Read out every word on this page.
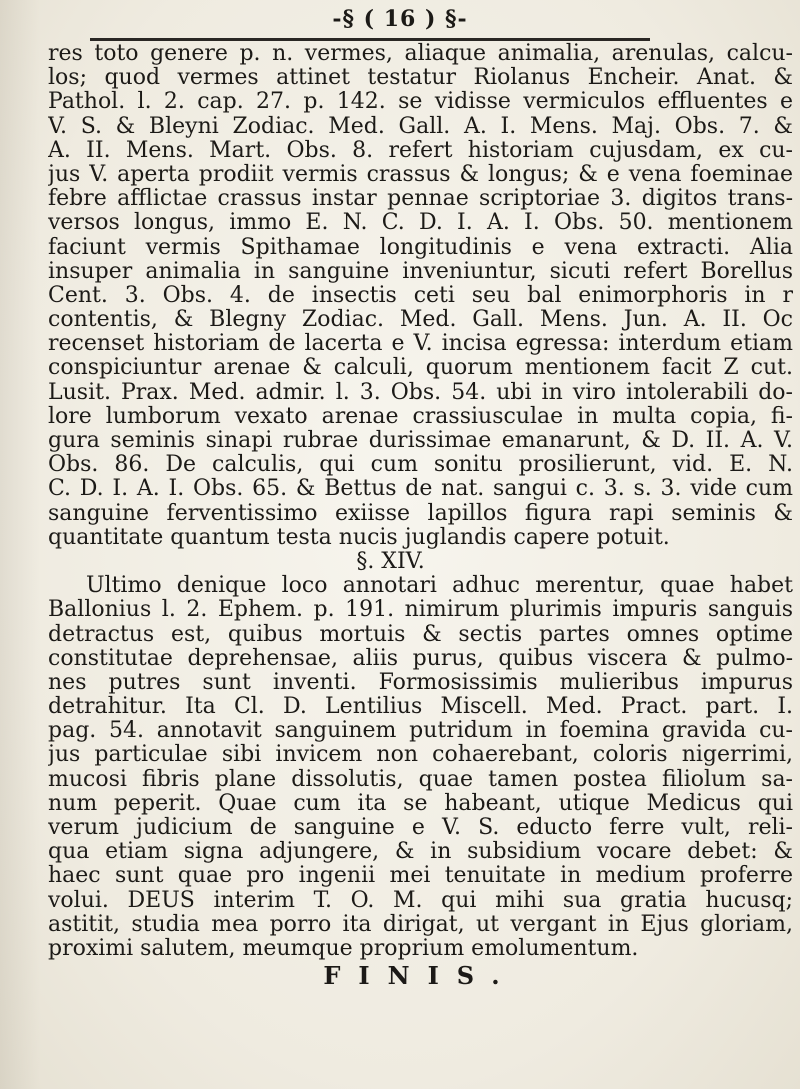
-§ ( 16 ) §-
res toto genere p. n. vermes, aliaque animalia, arenulas, calcu-
los; quod vermes attinet testatur Riolanus Encheir. Anat. &
Pathol. l. 2. cap. 27. p. 142. se vidisse vermiculos effluentes e
V. S. & Bleyni Zodiac. Med. Gall. A. I. Mens. Maj. Obs. 7. &
A. II. Mens. Mart. Obs. 8. refert historiam cujusdam, ex cu-
jus V. aperta prodiit vermis crassus & longus; & e vena foeminae
febre afflictae crassus instar pennae scriptoriae 3. digitos trans-
versos longus, immo E. N. C. D. I. A. I. Obs. 50. mentionem
faciunt vermis Spithamae longitudinis e vena extracti. Alia
insuper animalia in sanguine inveniuntur, sicuti refert Borellus
Cent. 3. Obs. 4. de insectis ceti seu bal enimorphoris in r
contentis, & Blegny Zodiac. Med. Gall. Mens. Jun. A. II. Oc
recenset historiam de lacerta e V. incisa egressa: interdum etiam
conspiciuntur arenae & calculi, quorum mentionem facit Z cut.
Lusit. Prax. Med. admir. l. 3. Obs. 54. ubi in viro intolerabili do-
lore lumborum vexato arenae crassiusculae in multa copia, fi-
gura seminis sinapi rubrae durissimae emanarunt, & D. II. A. V.
Obs. 86. De calculis, qui cum sonitu prosilierunt, vid. E. N.
C. D. I. A. I. Obs. 65. & Bettus de nat. sangui c. 3. s. 3. vide cum
sanguine ferventissimo exiisse lapillos figura rapi seminis &
quantitate quantum testa nucis juglandis capere potuit.
§. XIV.
Ultimo denique loco annotari adhuc merentur, quae habet
Ballonius l. 2. Ephem. p. 191. nimirum plurimis impuris sanguis
detractus est, quibus mortuis & sectis partes omnes optime
constitutae deprehensae, aliis purus, quibus viscera & pulmo-
nes putres sunt inventi. Formosissimis mulieribus impurus
detrahitur. Ita Cl. D. Lentilius Miscell. Med. Pract. part. I.
pag. 54. annotavit sanguinem putridum in foemina gravida cu-
jus particulae sibi invicem non cohaerebant, coloris nigerrimi,
mucosi fibris plane dissolutis, quae tamen postea filiolum sa-
num peperit. Quae cum ita se habeant, utique Medicus qui
verum judicium de sanguine e V. S. educto ferre vult, reli-
qua etiam signa adjungere, & in subsidium vocare debet: &
haec sunt quae pro ingenii mei tenuitate in medium proferre
volui. DEUS interim T. O. M. qui mihi sua gratia hucusq;
astitit, studia mea porro ita dirigat, ut vergant in Ejus gloriam,
proximi salutem, meumque proprium emolumentum.
FINIS.
